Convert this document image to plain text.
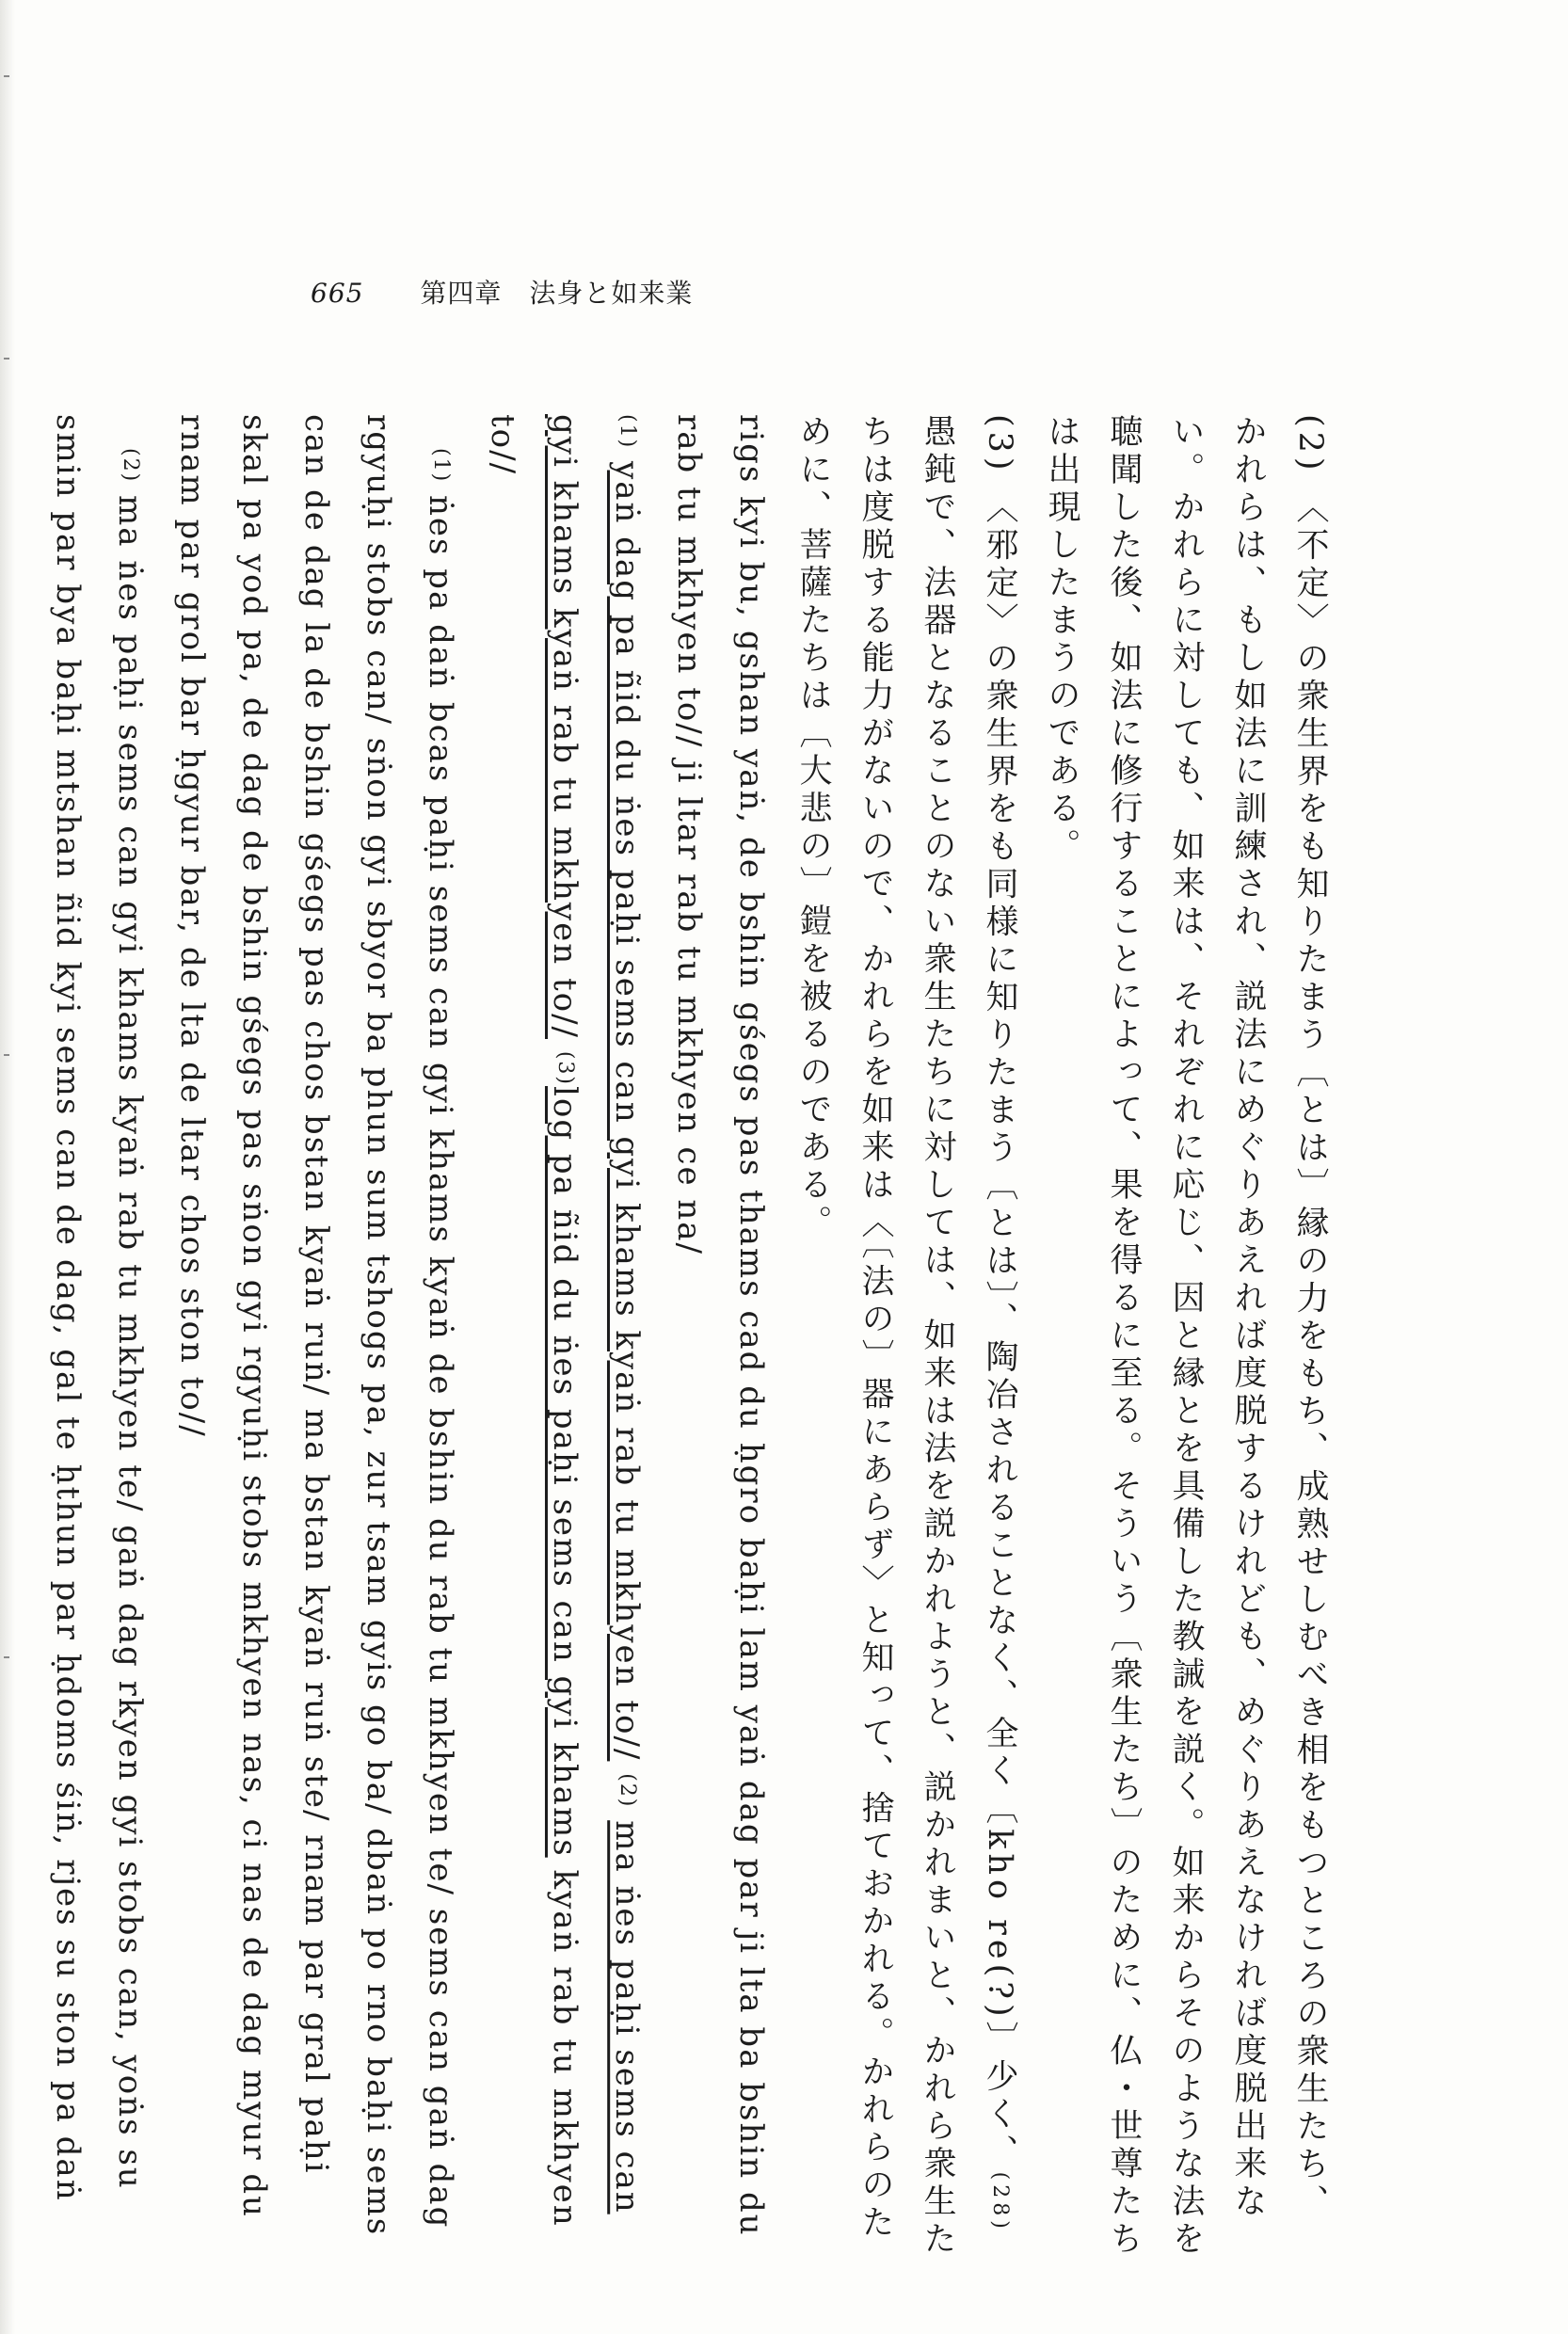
665 第四章　法身と如来業

(2) 〈不定〉の衆生界をも知りたまう〔とは〕縁の力をもち、成熟せしむべき相をもつところの衆生たち、かれらは、もし如法に訓練され、説法にめぐりあえれば度脱するけれども、めぐりあえなければ度脱出来ない。かれらに対しても、如来は、それぞれに応じ、因と縁とを具備した教誡を説く。如来からそのような法を聴聞した後、如法に修行することによって、果を得るに至る。そういう〔衆生たち〕のために、仏・世尊たちは出現したまうのである。

(3) 〈邪定〉の衆生界をも同様に知りたまう〔とは〕、陶冶されることなく、全く〔kho re(?)〕少く、(28)愚鈍で、法器となることのない衆生たちに対しては、如来は法を説かれようと、説かれまいと、かれら衆生たちは度脱する能力がないので、かれらを如来は〈〔法の〕器にあらず〉と知って、捨ておかれる。かれらのために、菩薩たちは〔大悲の〕鎧を被るのである。

rigs kyi bu, gshan yaṅ, de bshin gśegs pas thams cad du ḥgro baḥi lam yaṅ dag par ji lta ba bshin du rab tu mkhyen to// ji ltar rab tu mkhyen ce na/

(1) yaṅ dag pa ñid du ṅes paḥi sems can gyi khams kyaṅ rab tu mkhyen to// (2) ma ṅes paḥi sems can gyi khams kyaṅ rab tu mkhyen to// (3)log pa ñid du ṅes paḥi sems can gyi khams kyaṅ rab tu mkhyen to//

　(1) ṅes pa daṅ bcas paḥi sems can gyi khams kyaṅ de bshin du rab tu mkhyen te/ sems can gaṅ dag rgyuḥi stobs can/ sṅon gyi sbyor ba phun sum tshogs pa, zur tsam gyis go ba/ dbaṅ po rno baḥi sems can de dag la de bshin gśegs pas chos bstan kyaṅ ruṅ/ ma bstan kyaṅ ruṅ ste/ rnam par gral paḥi skal pa yod pa, de dag de bshin gśegs pas sṅon gyi rgyuḥi stobs mkhyen nas, ci nas de dag myur du rnam par grol bar ḥgyur bar, de lta de ltar chos ston to//

　(2) ma ṅes paḥi sems can gyi khams kyaṅ rab tu mkhyen te/ gaṅ dag rkyen gyi stobs can, yoṅs su smin par bya baḥi mtshan ñid kyi sems can de dag, gal te ḥthun par ḥdoms śiṅ, rjes su ston pa daṅ
